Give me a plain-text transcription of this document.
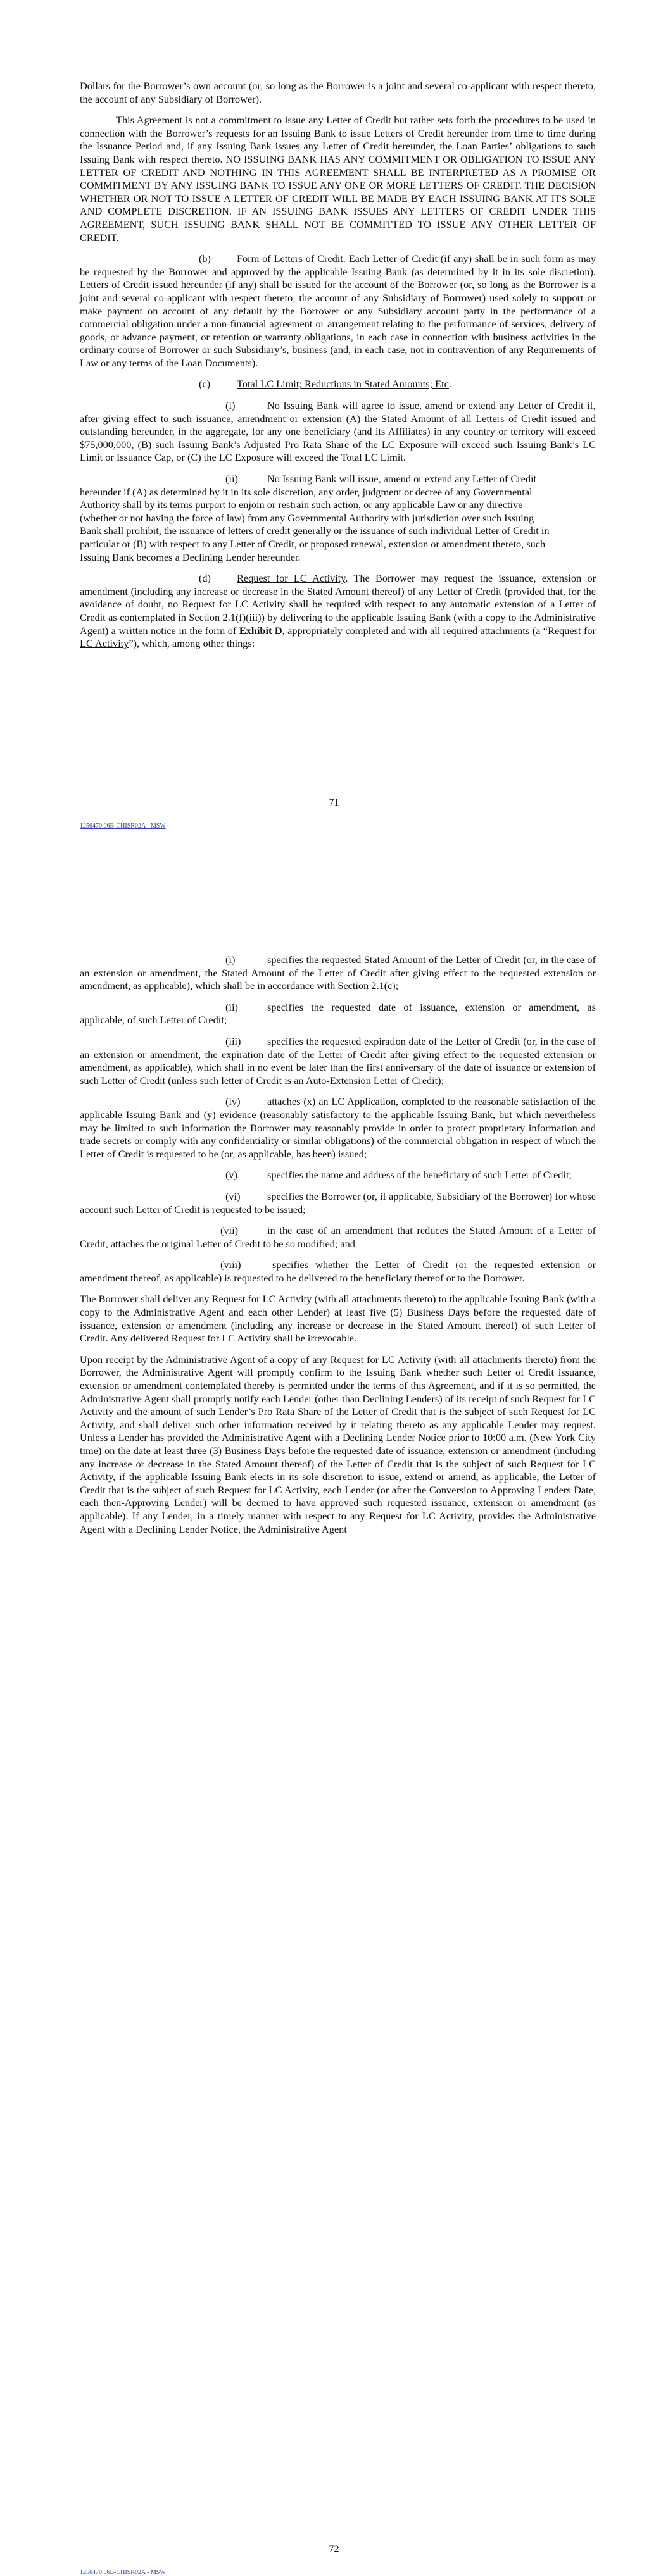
Dollars for the Borrower’s own account (or, so long as the Borrower is a joint and several co-applicant with respect thereto, the account of any Subsidiary of Borrower).

This Agreement is not a commitment to issue any Letter of Credit but rather sets forth the procedures to be used in connection with the Borrower’s requests for an Issuing Bank to issue Letters of Credit hereunder from time to time during the Issuance Period and, if any Issuing Bank issues any Letter of Credit hereunder, the Loan Parties’ obligations to such Issuing Bank with respect thereto. NO ISSUING BANK HAS ANY COMMITMENT OR OBLIGATION TO ISSUE ANY LETTER OF CREDIT AND NOTHING IN THIS AGREEMENT SHALL BE INTERPRETED AS A PROMISE OR COMMITMENT BY ANY ISSUING BANK TO ISSUE ANY ONE OR MORE LETTERS OF CREDIT. THE DECISION WHETHER OR NOT TO ISSUE A LETTER OF CREDIT WILL BE MADE BY EACH ISSUING BANK AT ITS SOLE AND COMPLETE DISCRETION. IF AN ISSUING BANK ISSUES ANY LETTERS OF CREDIT UNDER THIS AGREEMENT, SUCH ISSUING BANK SHALL NOT BE COMMITTED TO ISSUE ANY OTHER LETTER OF CREDIT.

(b)	Form of Letters of Credit. Each Letter of Credit (if any) shall be in such form as may be requested by the Borrower and approved by the applicable Issuing Bank (as determined by it in its sole discretion). Letters of Credit issued hereunder (if any) shall be issued for the account of the Borrower (or, so long as the Borrower is a joint and several co-applicant with respect thereto, the account of any Subsidiary of Borrower) used solely to support or make payment on account of any default by the Borrower or any Subsidiary account party in the performance of a commercial obligation under a non-financial agreement or arrangement relating to the performance of services, delivery of goods, or advance payment, or retention or warranty obligations, in each case in connection with business activities in the ordinary course of Borrower or such Subsidiary’s, business (and, in each case, not in contravention of any Requirements of Law or any terms of the Loan Documents).

(c)	Total LC Limit; Reductions in Stated Amounts; Etc.

(i)	No Issuing Bank will agree to issue, amend or extend any Letter of Credit if, after giving effect to such issuance, amendment or extension (A) the Stated Amount of all Letters of Credit issued and outstanding hereunder, in the aggregate, for any one beneficiary (and its Affiliates) in any country or territory will exceed $75,000,000, (B) such Issuing Bank’s Adjusted Pro Rata Share of the LC Exposure will exceed such Issuing Bank’s LC Limit or Issuance Cap, or (C) the LC Exposure will exceed the Total LC Limit.

(ii)	No Issuing Bank will issue, amend or extend any Letter of Credit hereunder if (A) as determined by it in its sole discretion, any order, judgment or decree of any Governmental Authority shall by its terms purport to enjoin or restrain such action, or any applicable Law or any directive (whether or not having the force of law) from any Governmental Authority with jurisdiction over such Issuing Bank shall prohibit, the issuance of letters of credit generally or the issuance of such individual Letter of Credit in particular or (B) with respect to any Letter of Credit, or proposed renewal, extension or amendment thereto, such Issuing Bank becomes a Declining Lender hereunder.

(d)	Request for LC Activity. The Borrower may request the issuance, extension or amendment (including any increase or decrease in the Stated Amount thereof) of any Letter of Credit (provided that, for the avoidance of doubt, no Request for LC Activity shall be required with respect to any automatic extension of a Letter of Credit as contemplated in Section 2.1(f)(iii)) by delivering to the applicable Issuing Bank (with a copy to the Administrative Agent) a written notice in the form of Exhibit D, appropriately completed and with all required attachments (a “Request for LC Activity”), which, among other things:

71
1256470.06B-CHISR02A - MSW

(i)	specifies the requested Stated Amount of the Letter of Credit (or, in the case of an extension or amendment, the Stated Amount of the Letter of Credit after giving effect to the requested extension or amendment, as applicable), which shall be in accordance with Section 2.1(c);

(ii)	specifies the requested date of issuance, extension or amendment, as applicable, of such Letter of Credit;

(iii)	specifies the requested expiration date of the Letter of Credit (or, in the case of an extension or amendment, the expiration date of the Letter of Credit after giving effect to the requested extension or amendment, as applicable), which shall in no event be later than the first anniversary of the date of issuance or extension of such Letter of Credit (unless such letter of Credit is an Auto-Extension Letter of Credit);

(iv)	attaches (x) an LC Application, completed to the reasonable satisfaction of the applicable Issuing Bank and (y) evidence (reasonably satisfactory to the applicable Issuing Bank, but which nevertheless may be limited to such information the Borrower may reasonably provide in order to protect proprietary information and trade secrets or comply with any confidentiality or similar obligations) of the commercial obligation in respect of which the Letter of Credit is requested to be (or, as applicable, has been) issued;

(v)	specifies the name and address of the beneficiary of such Letter of Credit;

(vi)	specifies the Borrower (or, if applicable, Subsidiary of the Borrower) for whose account such Letter of Credit is requested to be issued;

(vii)	in the case of an amendment that reduces the Stated Amount of a Letter of Credit, attaches the original Letter of Credit to be so modified; and

(viii)	specifies whether the Letter of Credit (or the requested extension or amendment thereof, as applicable) is requested to be delivered to the beneficiary thereof or to the Borrower.

The Borrower shall deliver any Request for LC Activity (with all attachments thereto) to the applicable Issuing Bank (with a copy to the Administrative Agent and each other Lender) at least five (5) Business Days before the requested date of issuance, extension or amendment (including any increase or decrease in the Stated Amount thereof) of such Letter of Credit. Any delivered Request for LC Activity shall be irrevocable.

Upon receipt by the Administrative Agent of a copy of any Request for LC Activity (with all attachments thereto) from the Borrower, the Administrative Agent will promptly confirm to the Issuing Bank whether such Letter of Credit issuance, extension or amendment contemplated thereby is permitted under the terms of this Agreement, and if it is so permitted, the Administrative Agent shall promptly notify each Lender (other than Declining Lenders) of its receipt of such Request for LC Activity and the amount of such Lender’s Pro Rata Share of the Letter of Credit that is the subject of such Request for LC Activity, and shall deliver such other information received by it relating thereto as any applicable Lender may request. Unless a Lender has provided the Administrative Agent with a Declining Lender Notice prior to 10:00 a.m. (New York City time) on the date at least three (3) Business Days before the requested date of issuance, extension or amendment (including any increase or decrease in the Stated Amount thereof) of the Letter of Credit that is the subject of such Request for LC Activity, if the applicable Issuing Bank elects in its sole discretion to issue, extend or amend, as applicable, the Letter of Credit that is the subject of such Request for LC Activity, each Lender (or after the Conversion to Approving Lenders Date, each then-Approving Lender) will be deemed to have approved such requested issuance, extension or amendment (as applicable). If any Lender, in a timely manner with respect to any Request for LC Activity, provides the Administrative Agent with a Declining Lender Notice, the Administrative Agent

72
1256470.06B-CHISR02A - MSW
